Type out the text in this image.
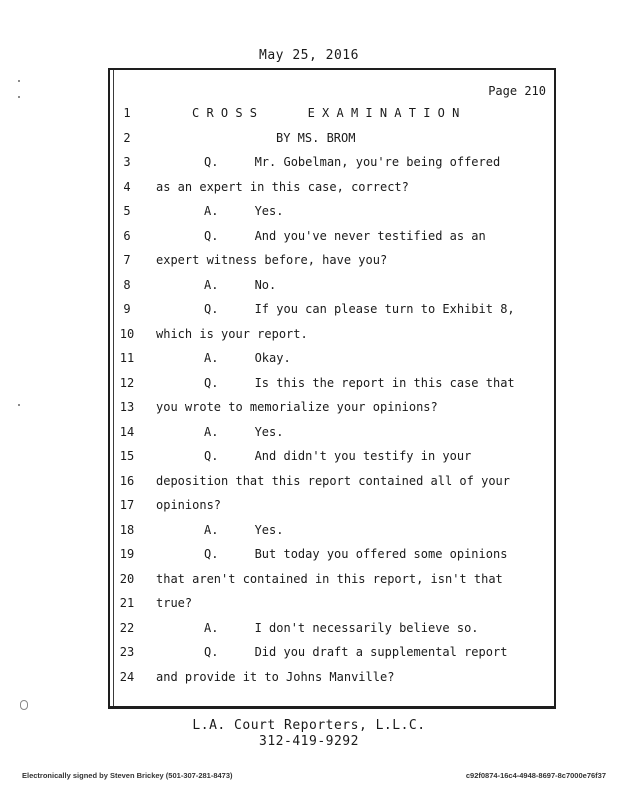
May 25, 2016
Page 210
1	C R O S S       E X A M I N A T I O N
2	BY MS. BROM
3	Q.     Mr. Gobelman, you're being offered
4	as an expert in this case, correct?
5	A.     Yes.
6	Q.     And you've never testified as an
7	expert witness before, have you?
8	A.     No.
9	Q.     If you can please turn to Exhibit 8,
10	which is your report.
11	A.     Okay.
12	Q.     Is this the report in this case that
13	you wrote to memorialize your opinions?
14	A.     Yes.
15	Q.     And didn't you testify in your
16	deposition that this report contained all of your
17	opinions?
18	A.     Yes.
19	Q.     But today you offered some opinions
20	that aren't contained in this report, isn't that
21	true?
22	A.     I don't necessarily believe so.
23	Q.     Did you draft a supplemental report
24	and provide it to Johns Manville?
L.A. Court Reporters, L.L.C.
312-419-9292
Electronically signed by Steven Brickey (501-307-281-8473)	c92f0874-16c4-4948-8697-8c7000e76f37
